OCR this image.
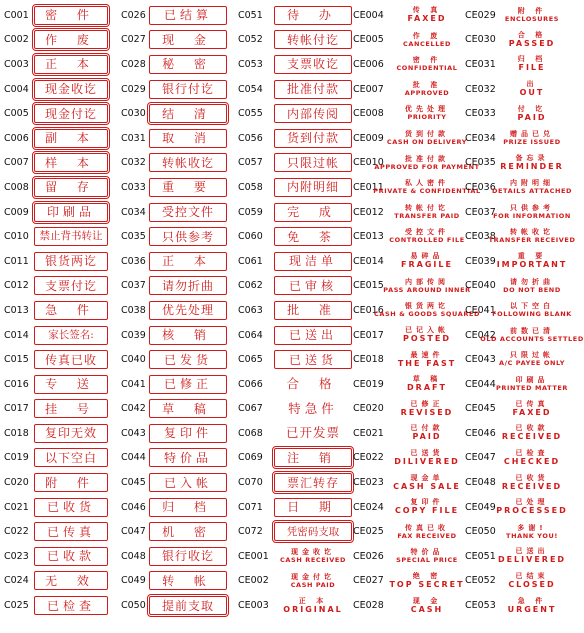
C001	密 件
C002	作 废
C003	正 本
C004	现金收讫
C005	现金付讫
C006	副 本
C007	样 本
C008	留 存
C009	印刷品
C010	禁止背书转让
C011	银货两讫
C012	支票付讫
C013	急 件
C014	家长签名:
C015	传真已收
C016	专 送
C017	挂 号
C018	复印无效
C019	以下空白
C020	附 件
C021	已收货
C022	已传真
C023	已收款
C024	无 效
C025	已检查
C026	已结算
C027	现 金
C028	秘 密
C029	银行付讫
C030	结 清
C031	取 消
C032	转帐收讫
C033	重 要
C034	受控文件
C035	只供参考
C036	正 本
C037	请勿折曲
C038	优先处理
C039	核 销
C040	已发货
C041	已修正
C042	草 稿
C043	复印件
C044	特价品
C045	已入帐
C046	归 档
C047	机 密
C048	银行收讫
C049	转 帐
C050	提前支取
C051	待 办
C052	转帐付讫
C053	支票收讫
C054	批准付款
C055	内部传阅
C056	货到付款
C057	只限过帐
C058	内附明细
C059	完 成
C060	免 茶
C061	现洁单
C062	已审核
C063	批 准
C064	已送出
C065	已送货
C066	合 格
C067	特急件
C068	已开发票
C069	注 销
C070	票汇转存
C071	日 期
C072	凭密码支取
CE001	现金收讫
CASH RECEIVED
CE002	现金付讫
CASH PAID
CE003	正 本
ORIGINAL
CE004	传 真
FAXED
CE005	作 废
CANCELLED
CE006	密 件
CONFIDENTIAL
CE007	批 准
APPROVED
CE008	优先处理
PRIORITY
CE009	货到付款
CASH ON DELIVERY
CE010	批准付款
APPROVED FOR PAYMENT
CE011	私人密件
PRIVATE & CONFIDENTIAL
CE012	转帐付讫
TRANSFER PAID
CE013	受控文件
CONTROLLED FILE
CE014	易碎品
FRAGILE
CE015	内部传阅
PASS AROUND INNER
CE016	银货两讫
CASH & GOODS SQUARED
CE017	已记入帐
POSTED
CE018	最速件
THE FAST
CE019	草 稿
DRAFT
CE020	已修正
REVISED
CE021	已付款
PAID
CE022	已送货
DILIVERED
CE023	现金单
CASH SALE
CE024	复印件
COPY FILE
CE025	传真已收
FAX RECEIVED
CE026	特价品
SPECIAL PRICE
CE027	绝 密
TOP SECRET
CE028	现 金
CASH
CE029	附 件
ENCLOSURES
CE030	合 格
PASSED
CE031	归 档
FILE
CE032	出
OUT
CE033	付 讫
PAID
CE034	赠品已兑
PRIZE ISSUED
CE035	备忘录
REMINDER
CE036	内附明细
DETAILS ATTACHED
CE037	只供参考
FOR INFORMATION
CE038	转帐收讫
TRANSFER RECEIVED
CE039	重 要
IMPORTANT
CE040	请勿折曲
DO NOT BEND
CE041	以下空白
FOLLOWING BLANK
CE042	前数已清
OLD ACCOUNTS SETTLED
CE043	只限过帐
A/C PAYEE ONLY
CE044	印刷品
PRINTED MATTER
CE045	已传真
FAXED
CE046	已收款
RECEIVED
CE047	已检查
CHECKED
CE048	已收货
RECEIVED
CE049	已处理
PROCESSED
CE050	多谢!
THANK YOU!
CE051	已送出
DELIVERED
CE052	已结束
CLOSED
CE053	急 件
URGENT
